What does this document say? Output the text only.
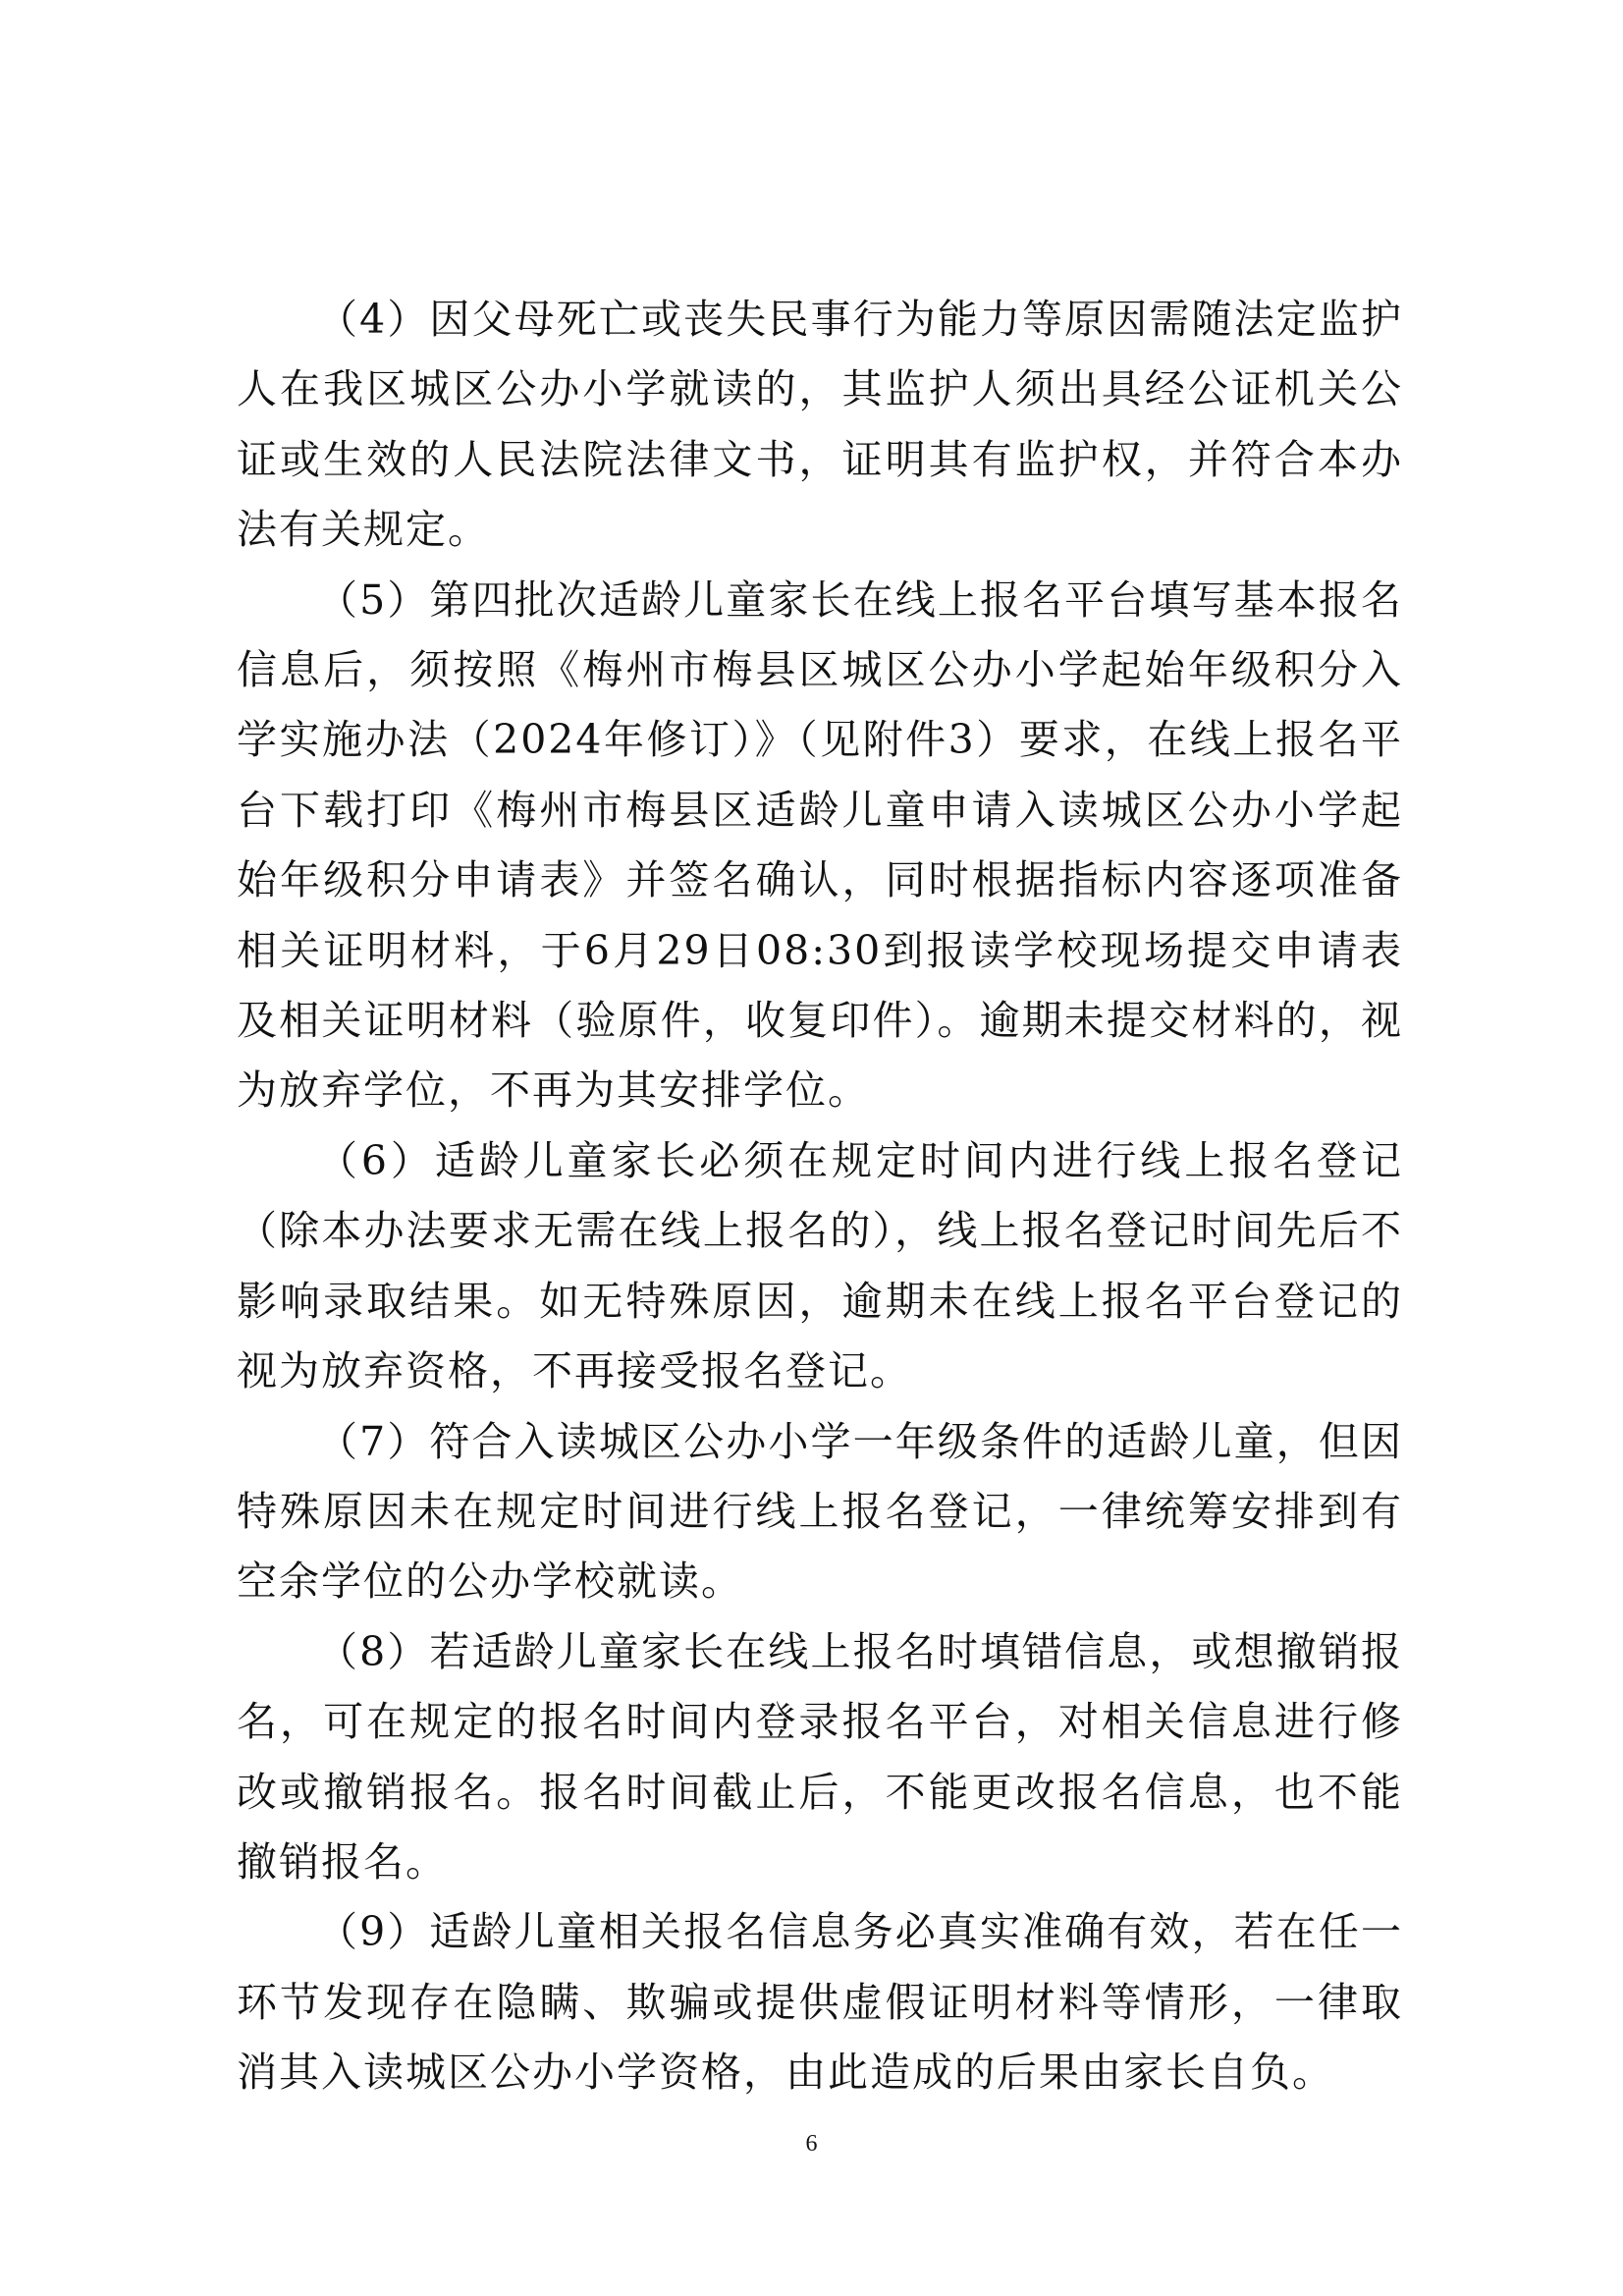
（4）因父母死亡或丧失民事行为能力等原因需随法定监护人在我区城区公办小学就读的，其监护人须出具经公证机关公证或生效的人民法院法律文书，证明其有监护权，并符合本办法有关规定。

（5）第四批次适龄儿童家长在线上报名平台填写基本报名信息后，须按照《梅州市梅县区城区公办小学起始年级积分入学实施办法（2024年修订）》（见附件3）要求，在线上报名平台下载打印《梅州市梅县区适龄儿童申请入读城区公办小学起始年级积分申请表》并签名确认，同时根据指标内容逐项准备相关证明材料，于6月29日08:30到报读学校现场提交申请表及相关证明材料（验原件，收复印件）。逾期未提交材料的，视为放弃学位，不再为其安排学位。

（6）适龄儿童家长必须在规定时间内进行线上报名登记（除本办法要求无需在线上报名的），线上报名登记时间先后不影响录取结果。如无特殊原因，逾期未在线上报名平台登记的视为放弃资格，不再接受报名登记。

（7）符合入读城区公办小学一年级条件的适龄儿童，但因特殊原因未在规定时间进行线上报名登记，一律统筹安排到有空余学位的公办学校就读。

（8）若适龄儿童家长在线上报名时填错信息，或想撤销报名，可在规定的报名时间内登录报名平台，对相关信息进行修改或撤销报名。报名时间截止后，不能更改报名信息，也不能撤销报名。

（9）适龄儿童相关报名信息务必真实准确有效，若在任一环节发现存在隐瞒、欺骗或提供虚假证明材料等情形，一律取消其入读城区公办小学资格，由此造成的后果由家长自负。

6
